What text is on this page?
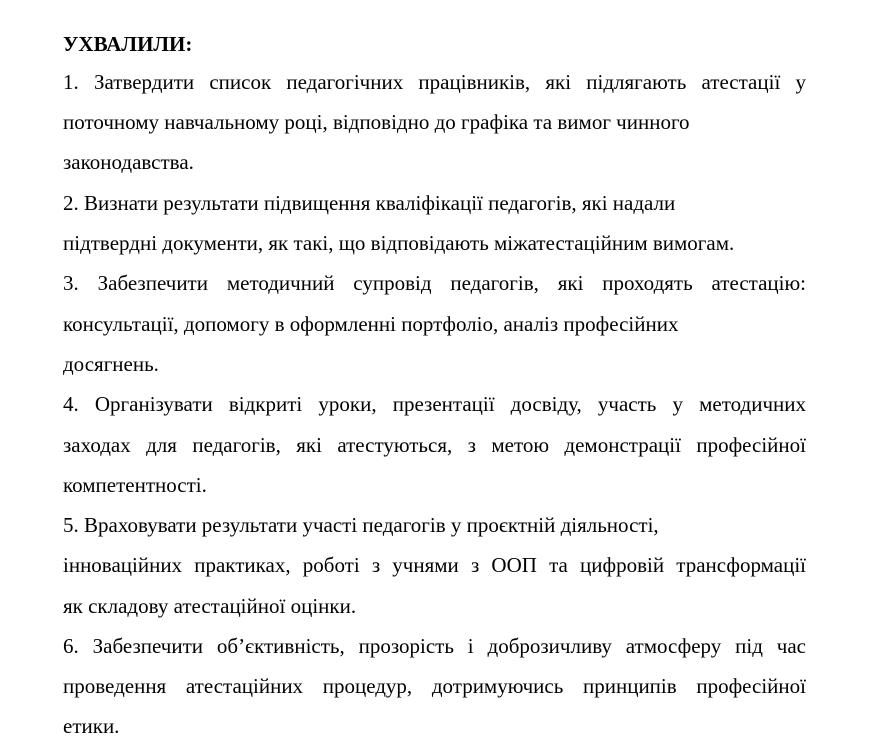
УХВАЛИЛИ:
1. Затвердити список педагогічних працівників, які підлягають атестації у
поточному навчальному році, відповідно до графіка та вимог чинного
законодавства.
2. Визнати результати підвищення кваліфікації педагогів, які надали
підтвердні документи, як такі, що відповідають міжатестаційним вимогам.
3. Забезпечити методичний супровід педагогів, які проходять атестацію:
консультації, допомогу в оформленні портфоліо, аналіз професійних
досягнень.
4. Організувати відкриті уроки, презентації досвіду, участь у методичних
заходах для педагогів, які атестуються, з метою демонстрації професійної
компетентності.
5. Враховувати результати участі педагогів у проєктній діяльності,
інноваційних практиках, роботі з учнями з ООП та цифровій трансформації
як складову атестаційної оцінки.
6. Забезпечити об’єктивність, прозорість і доброзичливу атмосферу під час
проведення атестаційних процедур, дотримуючись принципів професійної
етики.
